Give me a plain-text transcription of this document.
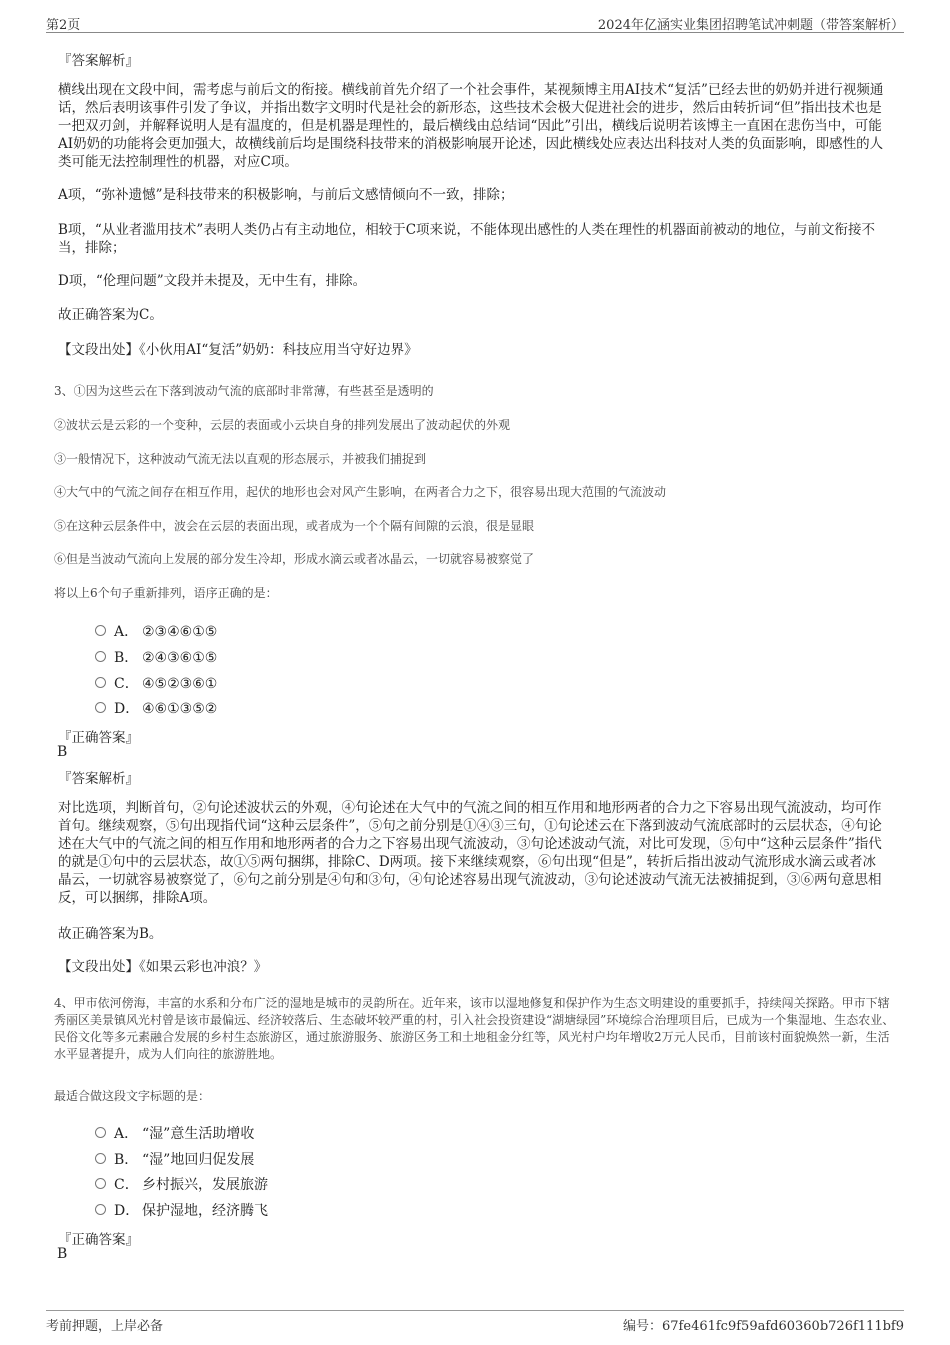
第2页	2024年亿涵实业集团招聘笔试冲刺题（带答案解析）
『答案解析』
横线出现在文段中间，需考虑与前后文的衔接。横线前首先介绍了一个社会事件，某视频博主用AI技术“复活”已经去世的奶奶并进行视频通话，然后表明该事件引发了争议，并指出数字文明时代是社会的新形态，这些技术会极大促进社会的进步，然后由转折词“但”指出技术也是一把双刃剑，并解释说明人是有温度的，但是机器是理性的，最后横线由总结词“因此”引出，横线后说明若该博主一直困在悲伤当中，可能AI奶奶的功能将会更加强大，故横线前后均是围绕科技带来的消极影响展开论述，因此横线处应表达出科技对人类的负面影响，即感性的人类可能无法控制理性的机器，对应C项。
A项，“弥补遗憾”是科技带来的积极影响，与前后文感情倾向不一致，排除；
B项，“从业者滥用技术”表明人类仍占有主动地位，相较于C项来说，不能体现出感性的人类在理性的机器面前被动的地位，与前文衔接不当，排除；
D项，“伦理问题”文段并未提及，无中生有，排除。
故正确答案为C。
【文段出处】《小伙用AI“复活”奶奶：科技应用当守好边界》
3、①因为这些云在下落到波动气流的底部时非常薄，有些甚至是透明的
②波状云是云彩的一个变种，云层的表面或小云块自身的排列发展出了波动起伏的外观
③一般情况下，这种波动气流无法以直观的形态展示，并被我们捕捉到
④大气中的气流之间存在相互作用，起伏的地形也会对风产生影响，在两者合力之下，很容易出现大范围的气流波动
⑤在这种云层条件中，波会在云层的表面出现，或者成为一个个隔有间隙的云浪，很是显眼
⑥但是当波动气流向上发展的部分发生冷却，形成水滴云或者冰晶云，一切就容易被察觉了
将以上6个句子重新排列，语序正确的是：
A． ②③④⑥①⑤
B． ②④③⑥①⑤
C． ④⑤②③⑥①
D． ④⑥①③⑤②
『正确答案』
B
『答案解析』
对比选项，判断首句，②句论述波状云的外观，④句论述在大气中的气流之间的相互作用和地形两者的合力之下容易出现气流波动，均可作首句。继续观察，⑤句出现指代词“这种云层条件”，⑤句之前分别是①④③三句，①句论述云在下落到波动气流底部时的云层状态，④句论述在大气中的气流之间的相互作用和地形两者的合力之下容易出现气流波动，③句论述波动气流，对比可发现，⑤句中“这种云层条件”指代的就是①句中的云层状态，故①⑤两句捆绑，排除C、D两项。接下来继续观察，⑥句出现“但是”，转折后指出波动气流形成水滴云或者冰晶云，一切就容易被察觉了，⑥句之前分别是④句和③句，④句论述容易出现气流波动，③句论述波动气流无法被捕捉到，③⑥两句意思相反，可以捆绑，排除A项。
故正确答案为B。
【文段出处】《如果云彩也冲浪？》
4、甲市依河傍海，丰富的水系和分布广泛的湿地是城市的灵韵所在。近年来，该市以湿地修复和保护作为生态文明建设的重要抓手，持续闯关探路。甲市下辖秀丽区美景镇风光村曾是该市最偏远、经济较落后、生态破坏较严重的村，引入社会投资建设“湖塘绿园”环境综合治理项目后，已成为一个集湿地、生态农业、民俗文化等多元素融合发展的乡村生态旅游区，通过旅游服务、旅游区务工和土地租金分红等，风光村户均年增收2万元人民币，目前该村面貌焕然一新，生活水平显著提升，成为人们向往的旅游胜地。
最适合做这段文字标题的是：
A． “湿”意生活助增收
B． “湿”地回归促发展
C． 乡村振兴，发展旅游
D． 保护湿地，经济腾飞
『正确答案』
B
考前押题，上岸必备	编号：67fe461fc9f59afd60360b726f111bf9
